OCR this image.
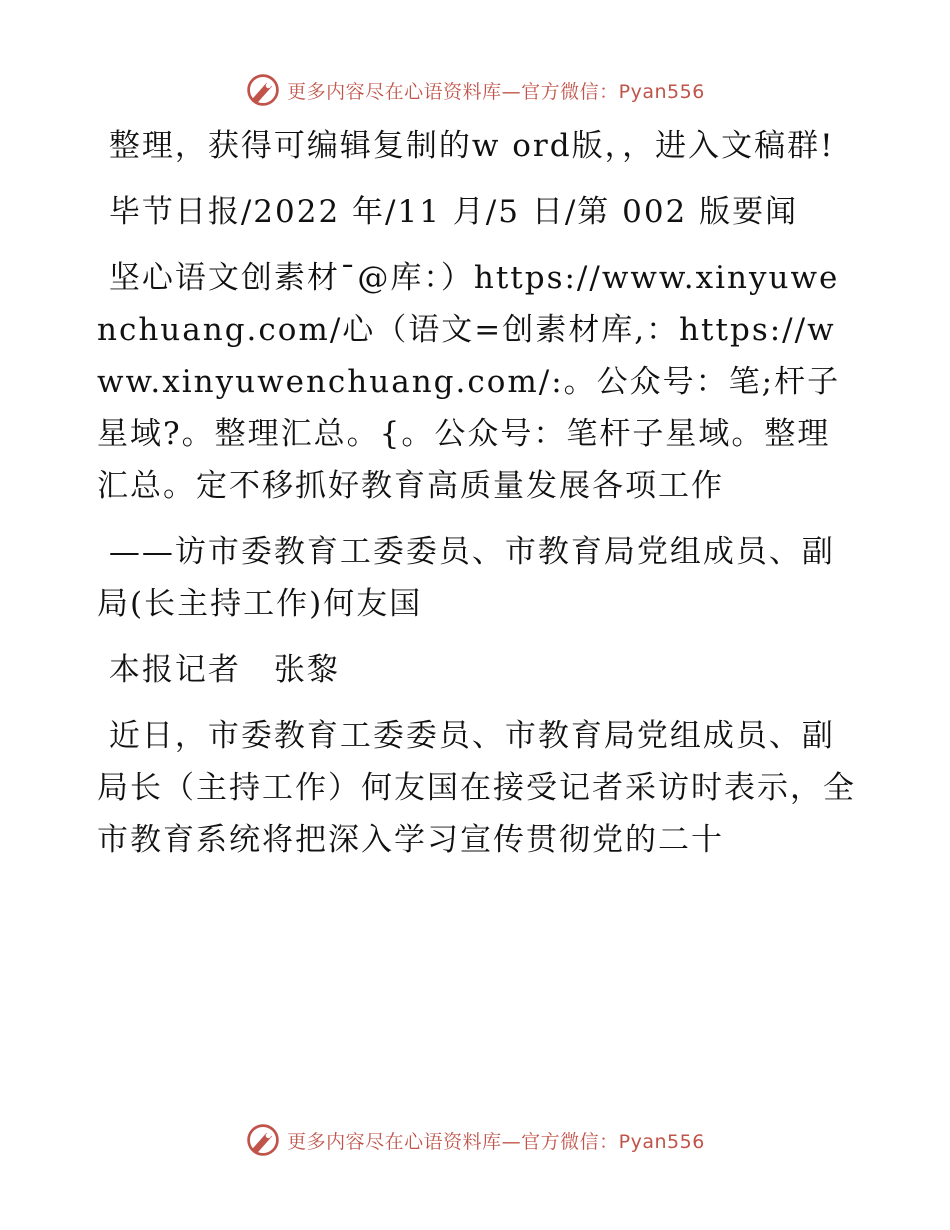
更多内容尽在心语资料库—官方微信：Pyan556

整理，获得可编辑复制的w ord版，，进入文稿群!

毕节日报/2022 年/11 月/5 日/第 002 版要闻

坚心语文创素材¯@库：）https://www.xinyuwenchuang.com/心（语文=创素材库,：https://www.xinyuwenchuang.com/:。公众号：笔;杆子星域?。整理汇总。{。公众号：笔杆子星域。整理汇总。定不移抓好教育高质量发展各项工作

——访市委教育工委委员、市教育局党组成员、副局(长主持工作)何友国

本报记者　张黎

近日，市委教育工委委员、市教育局党组成员、副局长（主持工作）何友国在接受记者采访时表示，全市教育系统将把深入学习宣传贯彻党的二十

更多内容尽在心语资料库—官方微信：Pyan556
